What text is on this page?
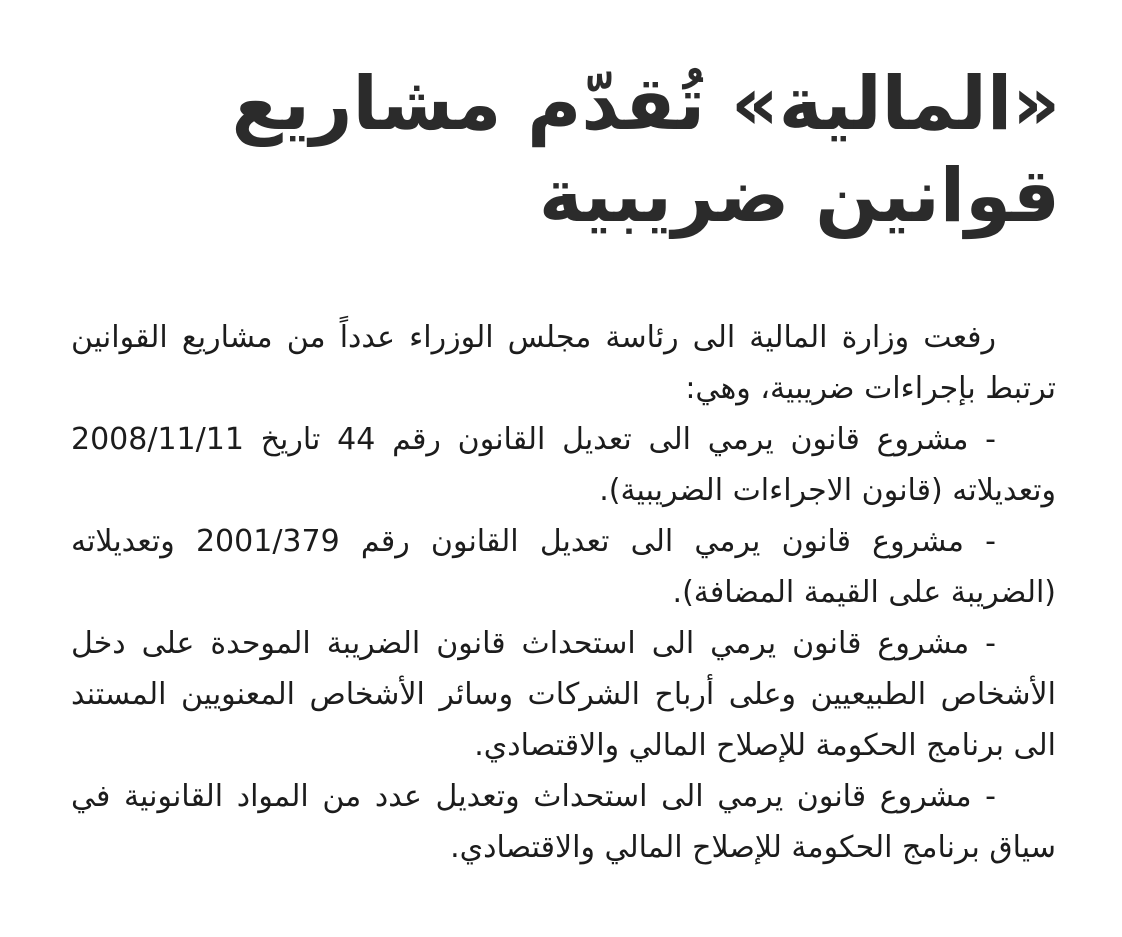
«المالية» تُقدّم مشاريع
قوانين ضريبية

رفعت وزارة المالية الى رئاسة مجلس الوزراء عدداً من مشاريع القوانين ترتبط بإجراءات ضريبية، وهي:

- مشروع قانون يرمي الى تعديل القانون رقم 44 تاريخ 2008/11/11 وتعديلاته (قانون الاجراءات الضريبية).

- مشروع قانون يرمي الى تعديل القانون رقم 2001/379 وتعديلاته (الضريبة على القيمة المضافة).

- مشروع قانون يرمي الى استحداث قانون الضريبة الموحدة على دخل الأشخاص الطبيعيين وعلى أرباح الشركات وسائر الأشخاص المعنويين المستند الى برنامج الحكومة للإصلاح المالي والاقتصادي.

- مشروع قانون يرمي الى استحداث وتعديل عدد من المواد القانونية في سياق برنامج الحكومة للإصلاح المالي والاقتصادي.
